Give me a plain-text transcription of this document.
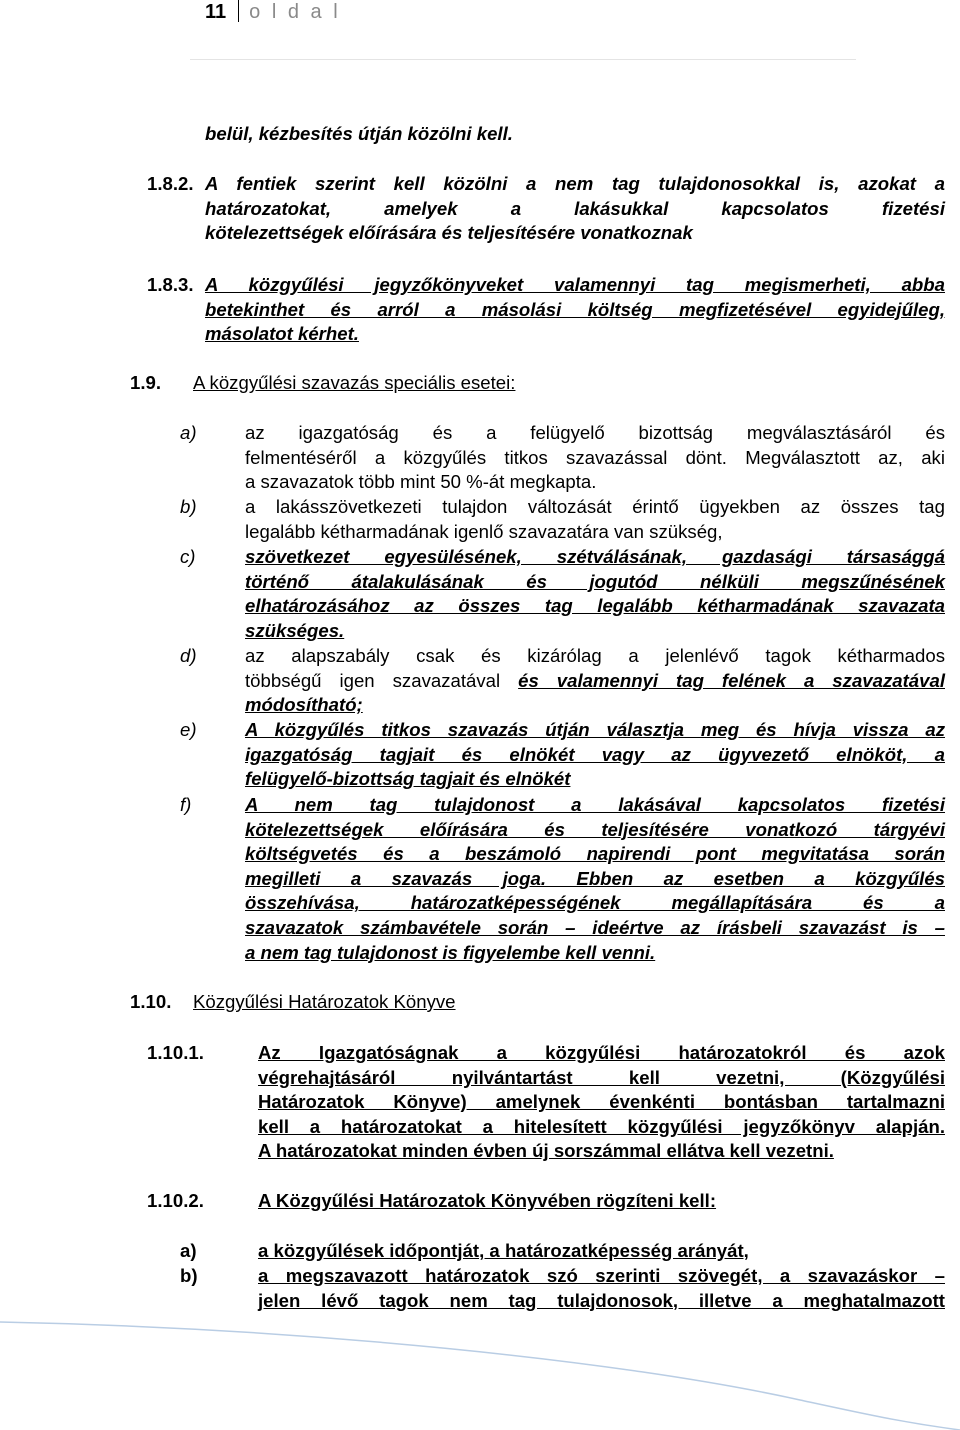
11 o l d a l
belül, kézbesítés útján közölni kell.
1.8.2. A fentiek szerint kell közölni a nem tag tulajdonosokkal is, azokat a
határozatokat, amelyek a lakásukkal kapcsolatos fizetési
kötelezettségek előírására és teljesítésére vonatkoznak
1.8.3. A közgyűlési jegyzőkönyveket valamennyi tag megismerheti, abba
betekinthet és arról a másolási költség megfizetésével egyidejűleg,
másolatot kérhet.
1.9. A közgyűlési szavazás speciális esetei:
a)	az igazgatóság és a felügyelő bizottság megválasztásáról és
felmentéséről a közgyűlés titkos szavazással dönt. Megválasztott az, aki
a szavazatok több mint 50 %-át megkapta.
b)	a lakásszövetkezeti tulajdon változását érintő ügyekben az összes tag
legalább kétharmadának igenlő szavazatára van szükség,
c)	szövetkezet egyesülésének, szétválásának, gazdasági társasággá
történő átalakulásának és jogutód nélküli megszűnésének
elhatározásához az összes tag legalább kétharmadának szavazata
szükséges.
d)	az alapszabály csak és kizárólag a jelenlévő tagok kétharmados
többségű igen szavazatával és valamennyi tag felének a szavazatával
módosítható;
e)	A közgyűlés titkos szavazás útján választja meg és hívja vissza az
igazgatóság tagjait és elnökét vagy az ügyvezető elnököt, a
felügyelő-bizottság tagjait és elnökét
f)	A nem tag tulajdonost a lakásával kapcsolatos fizetési
kötelezettségek előírására és teljesítésére vonatkozó tárgyévi
költségvetés és a beszámoló napirendi pont megvitatása során
megilleti a szavazás joga. Ebben az esetben a közgyűlés
összehívása, határozatképességének megállapítására és a
szavazatok számbavétele során – ideértve az írásbeli szavazást is –
a nem tag tulajdonost is figyelembe kell venni.
1.10. Közgyűlési Határozatok Könyve
1.10.1.	Az Igazgatóságnak a közgyűlési határozatokról és azok
végrehajtásáról nyilvántartást kell vezetni, (Közgyűlési
Határozatok Könyve) amelynek évenkénti bontásban tartalmazni
kell a határozatokat a hitelesített közgyűlési jegyzőkönyv alapján.
A határozatokat minden évben új sorszámmal ellátva kell vezetni.
1.10.2.	A Közgyűlési Határozatok Könyvében rögzíteni kell:
a)	a közgyűlések időpontját, a határozatképesség arányát,
b)	a megszavazott határozatok szó szerinti szövegét, a szavazáskor –
jelen lévő tagok nem tag tulajdonosok, illetve a meghatalmazott
